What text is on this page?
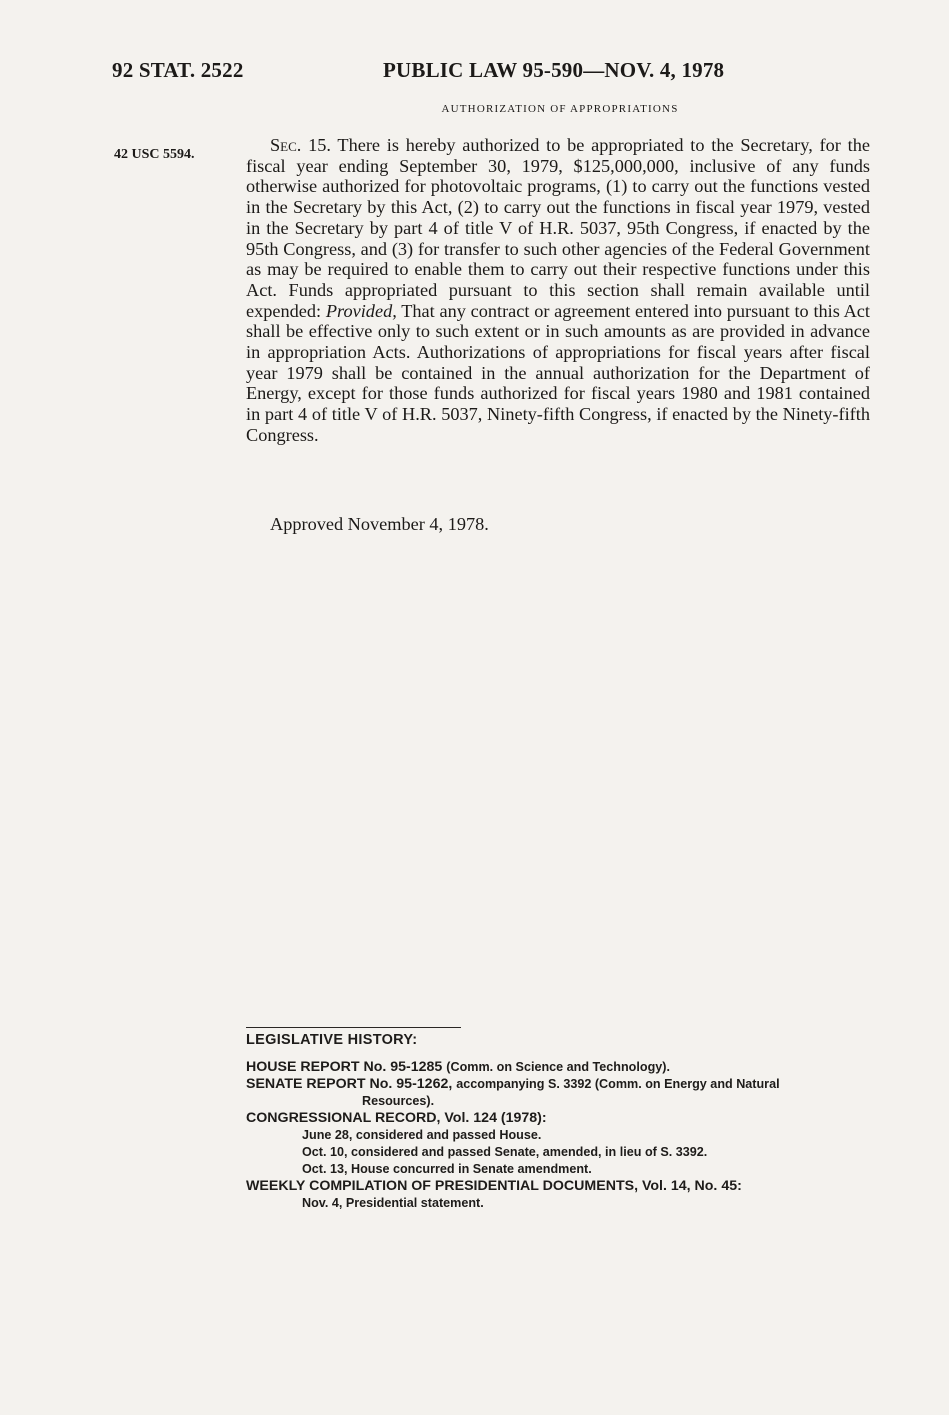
92 STAT. 2522	PUBLIC LAW 95-590—NOV. 4, 1978
AUTHORIZATION OF APPROPRIATIONS
42 USC 5594.	Sec. 15. There is hereby authorized to be appropriated to the Secretary, for the fiscal year ending September 30, 1979, $125,000,000, inclusive of any funds otherwise authorized for photovoltaic programs, (1) to carry out the functions vested in the Secretary by this Act, (2) to carry out the functions in fiscal year 1979, vested in the Secretary by part 4 of title V of H.R. 5037, 95th Congress, if enacted by the 95th Congress, and (3) for transfer to such other agencies of the Federal Government as may be required to enable them to carry out their respective functions under this Act. Funds appropriated pursuant to this section shall remain available until expended: Provided, That any contract or agreement entered into pursuant to this Act shall be effective only to such extent or in such amounts as are provided in advance in appropriation Acts. Authorizations of appropriations for fiscal years after fiscal year 1979 shall be contained in the annual authorization for the Department of Energy, except for those funds authorized for fiscal years 1980 and 1981 contained in part 4 of title V of H.R. 5037, Ninety-fifth Congress, if enacted by the Ninety-fifth Congress.
Approved November 4, 1978.
LEGISLATIVE HISTORY:
HOUSE REPORT No. 95-1285 (Comm. on Science and Technology).
SENATE REPORT No. 95-1262, accompanying S. 3392 (Comm. on Energy and Natural
Resources).
CONGRESSIONAL RECORD, Vol. 124 (1978):
June 28, considered and passed House.
Oct. 10, considered and passed Senate, amended, in lieu of S. 3392.
Oct. 13, House concurred in Senate amendment.
WEEKLY COMPILATION OF PRESIDENTIAL DOCUMENTS, Vol. 14, No. 45:
Nov. 4, Presidential statement.
